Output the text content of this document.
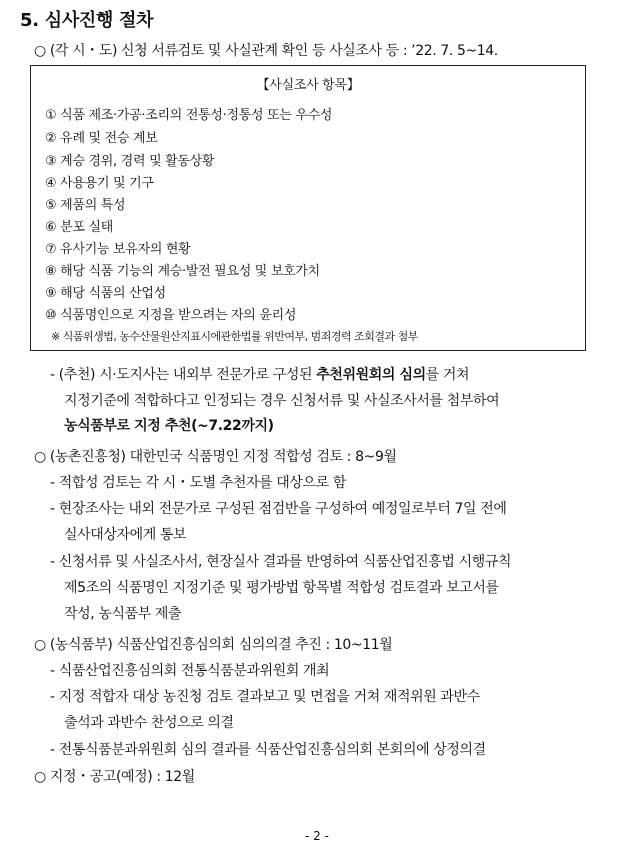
5. 심사진행 절차
○ (각 시・도) 신청 서류검토 및 사실관계 확인 등 사실조사 등 : ’22. 7. 5~14.
【사실조사 항목】
① 식품 제조·가공·조리의 전통성·정통성 또는 우수성
② 유례 및 전승 계보
③ 계승 경위, 경력 및 활동상황
④ 사용용기 및 기구
⑤ 제품의 특성
⑥ 분포 실태
⑦ 유사기능 보유자의 현황
⑧ 해당 식품 기능의 계승·발전 필요성 및 보호가치
⑨ 해당 식품의 산업성
⑩ 식품명인으로 지정을 받으려는 자의 윤리성
※ 식품위생법, 농수산물원산지표시에관한법률 위반여부, 범죄경력 조회결과 첨부
- (추천) 시·도지사는 내외부 전문가로 구성된 추천위원회의 심의를 거쳐
지정기준에 적합하다고 인정되는 경우 신청서류 및 사실조사서를 첨부하여
농식품부로 지정 추천(~7.22까지)
○ (농촌진흥청) 대한민국 식품명인 지정 적합성 검토 : 8~9월
- 적합성 검토는 각 시・도별 추천자를 대상으로 함
- 현장조사는 내외 전문가로 구성된 점검반을 구성하여 예정일로부터 7일 전에
실사대상자에게 통보
- 신청서류 및 사실조사서, 현장실사 결과를 반영하여 식품산업진흥법 시행규칙
제5조의 식품명인 지정기준 및 평가방법 항목별 적합성 검토결과 보고서를
작성, 농식품부 제출
○ (농식품부) 식품산업진흥심의회 심의의결 추진 : 10~11월
- 식품산업진흥심의회 전통식품분과위원회 개최
- 지정 적합자 대상 농진청 검토 결과보고 및 면접을 거쳐 재적위원 과반수
출석과 과반수 찬성으로 의결
- 전통식품분과위원회 심의 결과를 식품산업진흥심의회 본회의에 상정의결
○ 지정・공고(예정) : 12월
- 2 -
